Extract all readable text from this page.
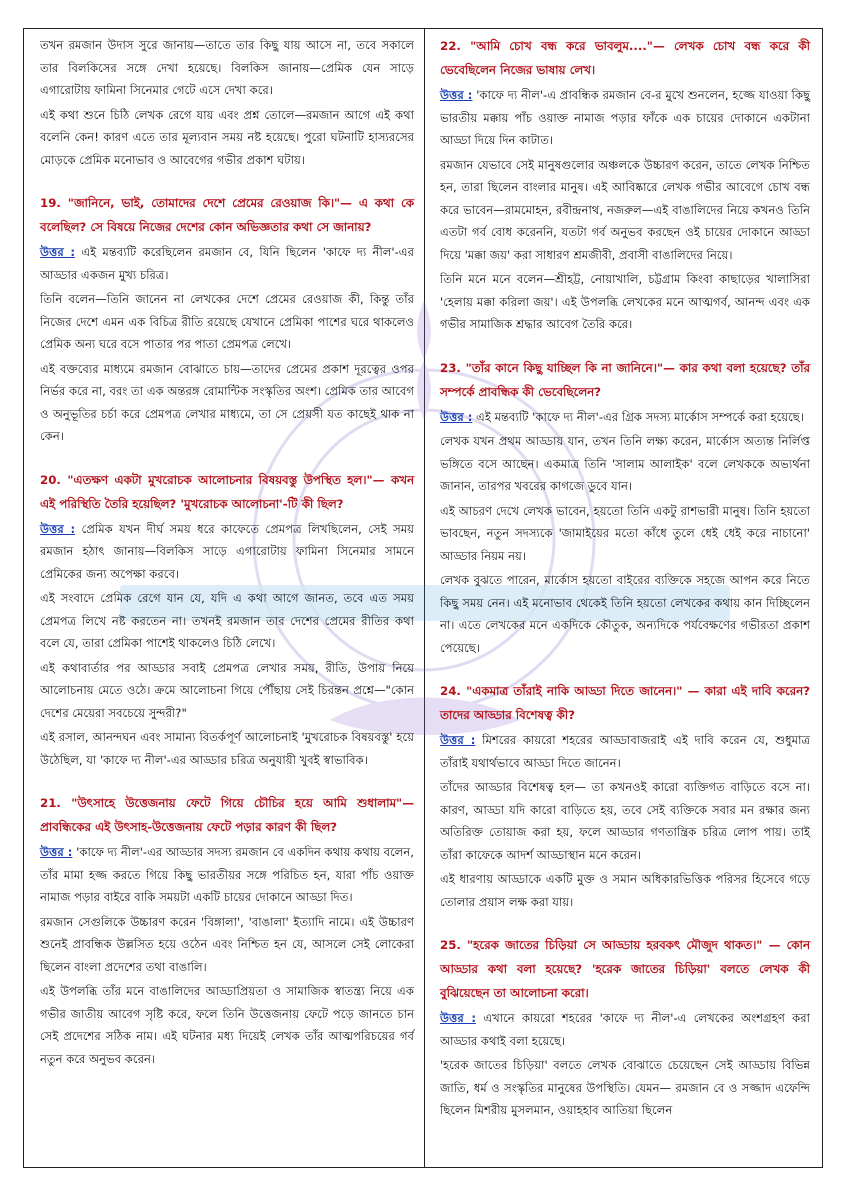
তখন রমজান উদাস সুরে জানায়—তাতে তার কিছু যায় আসে না, তবে সকালে তার বিলকিসের সঙ্গে দেখা হয়েছে। বিলকিস জানায়—প্রেমিক যেন সাড়ে এগারোটায় ফামিনা সিনেমার গেটে এসে দেখা করে।

এই কথা শুনে চিঠি লেখক রেগে যায় এবং প্রশ্ন তোলে—রমজান আগে এই কথা বলেনি কেন! কারণ এতে তার মূল্যবান সময় নষ্ট হয়েছে। পুরো ঘটনাটি হাস্যরসের মোড়কে প্রেমিক মনোভাব ও আবেগের গভীর প্রকাশ ঘটায়।

19. "জানিনে, ভাই, তোমাদের দেশে প্রেমের রেওয়াজ কি।"— এ কথা কে বলেছিল? সে বিষয়ে নিজের দেশের কোন অভিজ্ঞতার কথা সে জানায়?

উত্তর : এই মন্তব্যটি করেছিলেন রমজান বে, যিনি ছিলেন 'কাফে দ্য নীল'-এর আড্ডার একজন মুখ্য চরিত্র।

তিনি বলেন—তিনি জানেন না লেখকের দেশে প্রেমের রেওয়াজ কী, কিন্তু তাঁর নিজের দেশে এমন এক বিচিত্র রীতি রয়েছে যেখানে প্রেমিকা পাশের ঘরে থাকলেও প্রেমিক অন্য ঘরে বসে পাতার পর পাতা প্রেমপত্র লেখে।

এই বক্তব্যের মাধ্যমে রমজান বোঝাতে চায়—তাদের প্রেমের প্রকাশ দূরত্বের ওপর নির্ভর করে না, বরং তা এক অন্তরঙ্গ রোমান্টিক সংস্কৃতির অংশ। প্রেমিক তার আবেগ ও অনুভূতির চর্চা করে প্রেমপত্র লেখার মাধ্যমে, তা সে প্রেয়সী যত কাছেই থাক না কেন।

20. "এতক্ষণ একটা মুখরোচক আলোচনার বিষয়বস্তু উপস্থিত হল।"— কখন এই পরিস্থিতি তৈরি হয়েছিল? 'মুখরোচক আলোচনা'-টি কী ছিল?

উত্তর : প্রেমিক যখন দীর্ঘ সময় ধরে কাফেতে প্রেমপত্র লিখছিলেন, সেই সময় রমজান হঠাৎ জানায়—বিলকিস সাড়ে এগারোটায় ফামিনা সিনেমার সামনে প্রেমিকের জন্য অপেক্ষা করবে।

এই সংবাদে প্রেমিক রেগে যান যে, যদি এ কথা আগে জানত, তবে এত সময় প্রেমপত্র লিখে নষ্ট করতেন না। তখনই রমজান তার দেশের প্রেমের রীতির কথা বলে যে, তারা প্রেমিকা পাশেই থাকলেও চিঠি লেখে।

এই কথাবার্তার পর আড্ডার সবাই প্রেমপত্র লেখার সময়, রীতি, উপায় নিয়ে আলোচনায় মেতে ওঠে। ক্রমে আলোচনা গিয়ে পৌঁছায় সেই চিরন্তন প্রশ্নে—"কোন দেশের মেয়েরা সবচেয়ে সুন্দরী?"

এই রসাল, আনন্দঘন এবং সামান্য বিতর্কপূর্ণ আলোচনাই 'মুখরোচক বিষয়বস্তু' হয়ে উঠেছিল, যা 'কাফে দ্য নীল'-এর আড্ডার চরিত্র অনুযায়ী খুবই স্বাভাবিক।

21. "উৎসাহে উত্তেজনায় ফেটে গিয়ে চৌচির হয়ে আমি শুধালাম"— প্রাবন্ধিকের এই উৎসাহ-উত্তেজনায় ফেটে পড়ার কারণ কী ছিল?

উত্তর : 'কাফে দ্য নীল'-এর আড্ডার সদস্য রমজান বে একদিন কথায় কথায় বলেন, তাঁর মামা হজ্জ করতে গিয়ে কিছু ভারতীয়র সঙ্গে পরিচিত হন, যারা পাঁচ ওয়াক্ত নামাজ পড়ার বাইরে বাকি সময়টা একটি চায়ের দোকানে আড্ডা দিত।

রমজান সেগুলিকে উচ্চারণ করেন 'বিঙ্গালা', 'বাঙালা' ইত্যাদি নামে। এই উচ্চারণ শুনেই প্রাবন্ধিক উল্লসিত হয়ে ওঠেন এবং নিশ্চিত হন যে, আসলে সেই লোকেরা ছিলেন বাংলা প্রদেশের তথা বাঙালি।

এই উপলব্ধি তাঁর মনে বাঙালিদের আড্ডাপ্রিয়তা ও সামাজিক স্বাতন্ত্র্য নিয়ে এক গভীর জাতীয় আবেগ সৃষ্টি করে, ফলে তিনি উত্তেজনায় ফেটে পড়ে জানতে চান সেই প্রদেশের সঠিক নাম। এই ঘটনার মধ্য দিয়েই লেখক তাঁর আত্মপরিচয়ের গর্ব নতুন করে অনুভব করেন।

22. "আমি চোখ বন্ধ করে ভাবলুম...."— লেখক চোখ বন্ধ করে কী ভেবেছিলেন নিজের ভাষায় লেখ।

উত্তর : 'কাফে দ্য নীল'-এ প্রাবন্ধিক রমজান বে-র মুখে শুনলেন, হজ্জে যাওয়া কিছু ভারতীয় মক্কায় পাঁচ ওয়াক্ত নামাজ পড়ার ফাঁকে এক চায়ের দোকানে একটানা আড্ডা দিয়ে দিন কাটাত।

রমজান যেভাবে সেই মানুষগুলোর অঞ্চলকে উচ্চারণ করেন, তাতে লেখক নিশ্চিত হন, তারা ছিলেন বাংলার মানুষ। এই আবিষ্কারে লেখক গভীর আবেগে চোখ বন্ধ করে ভাবেন—রামমোহন, রবীন্দ্রনাথ, নজরুল—এই বাঙালিদের নিয়ে কখনও তিনি এতটা গর্ব বোধ করেননি, যতটা গর্ব অনুভব করছেন ওই চায়ের দোকানে আড্ডা দিয়ে 'মক্কা জয়' করা সাধারণ শ্রমজীবী, প্রবাসী বাঙালিদের নিয়ে।

তিনি মনে মনে বলেন—শ্রীহট্ট, নোয়াখালি, চট্টগ্রাম কিংবা কাছাড়ের খালাসিরা 'হেলায় মক্কা করিলা জয়'। এই উপলব্ধি লেখকের মনে আত্মগর্ব, আনন্দ এবং এক গভীর সামাজিক শ্রদ্ধার আবেগ তৈরি করে।

23. "তাঁর কানে কিছু যাচ্ছিল কি না জানিনে।"— কার কথা বলা হয়েছে? তাঁর সম্পর্কে প্রাবন্ধিক কী ভেবেছিলেন?

উত্তর : এই মন্তব্যটি 'কাফে দ্য নীল'-এর গ্রিক সদস্য মার্কোস সম্পর্কে করা হয়েছে।

লেখক যখন প্রথম আড্ডায় যান, তখন তিনি লক্ষ্য করেন, মার্কোস অত্যন্ত নির্লিপ্ত ভঙ্গিতে বসে আছেন। একমাত্র তিনি 'সালাম আলাইক' বলে লেখককে অভ্যর্থনা জানান, তারপর খবরের কাগজে ডুবে যান।

এই আচরণ দেখে লেখক ভাবেন, হয়তো তিনি একটু রাশভারী মানুষ। তিনি হয়তো ভাবছেন, নতুন সদস্যকে 'জামাইয়ের মতো কাঁধে তুলে ধেই ধেই করে নাচানো' আড্ডার নিয়ম নয়।

লেখক বুঝতে পারেন, মার্কোস হয়তো বাইরের ব্যক্তিকে সহজে আপন করে নিতে কিছু সময় নেন। এই মনোভাব থেকেই তিনি হয়তো লেখকের কথায় কান দিচ্ছিলেন না। এতে লেখকের মনে একদিকে কৌতুক, অন্যদিকে পর্যবেক্ষণের গভীরতা প্রকাশ পেয়েছে।

24. "একমাত্র তাঁরাই নাকি আড্ডা দিতে জানেন।" — কারা এই দাবি করেন? তাদের আড্ডার বিশেষত্ব কী?

উত্তর : মিশরের কায়রো শহরের আড্ডাবাজরাই এই দাবি করেন যে, শুধুমাত্র তাঁরাই যথার্থভাবে আড্ডা দিতে জানেন।

তাঁদের আড্ডার বিশেষত্ব হল— তা কখনওই কারো ব্যক্তিগত বাড়িতে বসে না। কারণ, আড্ডা যদি কারো বাড়িতে হয়, তবে সেই ব্যক্তিকে সবার মন রক্ষার জন্য অতিরিক্ত তোয়াজ করা হয়, ফলে আড্ডার গণতান্ত্রিক চরিত্র লোপ পায়। তাই তাঁরা কাফেকে আদর্শ আড্ডাস্থান মনে করেন।

এই ধারণায় আড্ডাকে একটি মুক্ত ও সমান অধিকারভিত্তিক পরিসর হিসেবে গড়ে তোলার প্রয়াস লক্ষ করা যায়।

25. "হরেক জাতের চিড়িয়া সে আড্ডায় হরবকৎ মৌজুদ থাকত।" — কোন আড্ডার কথা বলা হয়েছে? 'হরেক জাতের চিড়িয়া' বলতে লেখক কী বুঝিয়েছেন তা আলোচনা করো।

উত্তর : এখানে কায়রো শহরের 'কাফে দ্য নীল'-এ লেখকের অংশগ্রহণ করা আড্ডার কথাই বলা হয়েছে।

'হরেক জাতের চিড়িয়া' বলতে লেখক বোঝাতে চেয়েছেন সেই আড্ডায় বিভিন্ন জাতি, ধর্ম ও সংস্কৃতির মানুষের উপস্থিতি। যেমন— রমজান বে ও সজ্জাদ এফেন্দি ছিলেন মিশরীয় মুসলমান, ওয়াহহাব আতিয়া ছিলেন
